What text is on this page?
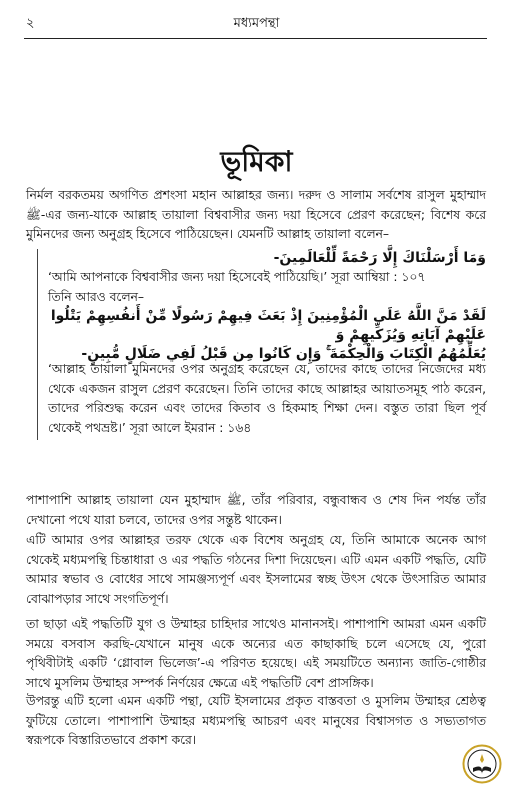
২	মধ্যমপন্থা
ভূমিকা
নির্মল বরকতময় অগণিত প্রশংসা মহান আল্লাহর জন্য। দরুদ ও সালাম সর্বশেষ রাসুল মুহাম্মাদ ﷺ-এর জন্য-যাকে আল্লাহ তায়ালা বিশ্ববাসীর জন্য দয়া হিসেবে প্রেরণ করেছেন; বিশেষ করে মুমিনদের জন্য অনুগ্রহ হিসেবে পাঠিয়েছেন। যেমনটি আল্লাহ তায়ালা বলেন–
وَمَا أَرْسَلْنَاكَ إِلَّا رَحْمَةً لِّلْعَالَمِينَ-
‘আমি আপনাকে বিশ্ববাসীর জন্য দয়া হিসেবেই পাঠিয়েছি।’ সূরা আম্বিয়া : ১০৭
তিনি আরও বলেন–
لَقَدْ مَنَّ اللَّهُ عَلَى الْمُؤْمِنِينَ إِذْ بَعَثَ فِيهِمْ رَسُولًا مِّنْ أَنفُسِهِمْ يَتْلُوا عَلَيْهِمْ آيَاتِهِ وَيُزَكِّيهِمْ وَ
يُعَلِّمُهُمُ الْكِتَابَ وَالْحِكْمَةَ ۚ وَإِن كَانُوا مِن قَبْلُ لَفِي ضَلَالٍ مُّبِينٍ-
‘আল্লাহ তায়ালা মুমিনদের ওপর অনুগ্রহ করেছেন যে, তাদের কাছে তাদের নিজেদের মধ্য থেকে একজন রাসুল প্রেরণ করেছেন। তিনি তাদের কাছে আল্লাহর আয়াতসমূহ পাঠ করেন, তাদের পরিশুদ্ধ করেন এবং তাদের কিতাব ও হিকমাহ শিক্ষা দেন। বস্তুত তারা ছিল পূর্ব থেকেই পথভ্রষ্ট।’ সূরা আলে ইমরান : ১৬৪
পাশাপাশি আল্লাহ তায়ালা যেন মুহাম্মাদ ﷺ, তাঁর পরিবার, বন্ধুবান্ধব ও শেষ দিন পর্যন্ত তাঁর দেখানো পথে যারা চলবে, তাদের ওপর সন্তুষ্ট থাকেন।
এটি আমার ওপর আল্লাহর তরফ থেকে এক বিশেষ অনুগ্রহ যে, তিনি আমাকে অনেক আগ থেকেই মধ্যমপন্থি চিন্তাধারা ও এর পদ্ধতি গঠনের দিশা দিয়েছেন। এটি এমন একটি পদ্ধতি, যেটি আমার স্বভাব ও বোধের সাথে সামঞ্জস্যপূর্ণ এবং ইসলামের স্বচ্ছ উৎস থেকে উৎসারিত আমার বোঝাপড়ার সাথে সংগতিপূর্ণ।
তা ছাড়া এই পদ্ধতিটি যুগ ও উম্মাহর চাহিদার সাথেও মানানসই। পাশাপাশি আমরা এমন একটি সময়ে বসবাস করছি-যেখানে মানুষ একে অন্যের এত কাছাকাছি চলে এসেছে যে, পুরো পৃথিবীটাই একটি ‘গ্লোবাল ভিলেজ’-এ পরিণত হয়েছে। এই সময়টিতে অন্যান্য জাতি-গোষ্ঠীর সাথে মুসলিম উম্মাহর সম্পর্ক নির্ণয়ের ক্ষেত্রে এই পদ্ধতিটি বেশ প্রাসঙ্গিক।
উপরন্তু এটি হলো এমন একটি পন্থা, যেটি ইসলামের প্রকৃত বাস্তবতা ও মুসলিম উম্মাহর শ্রেষ্ঠত্ব ফুটিয়ে তোলে। পাশাপাশি উম্মাহর মধ্যমপন্থি আচরণ এবং মানুষের বিশ্বাসগত ও সভ্যতাগত স্বরূপকে বিস্তারিতভাবে প্রকাশ করে।
